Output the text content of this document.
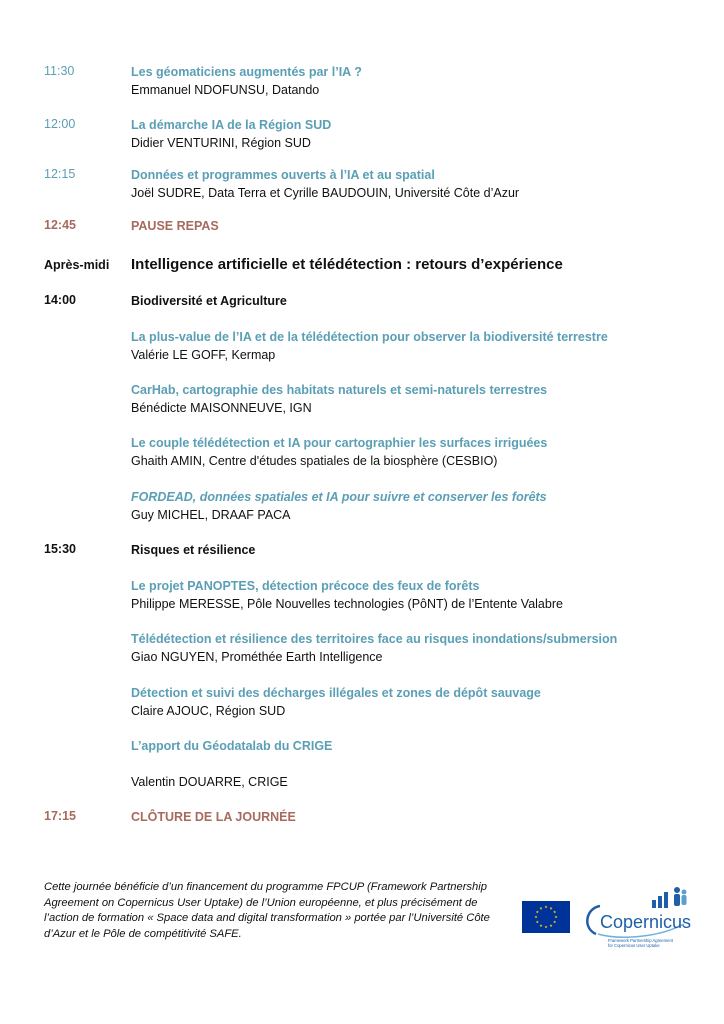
11:30	Les géomaticiens augmentés par l’IA ?
Emmanuel NDOFUNSU, Datando
12:00	La démarche IA de la Région SUD
Didier VENTURINI, Région SUD
12:15	Données et programmes ouverts à l’IA et au spatial
Joël SUDRE, Data Terra et Cyrille BAUDOUIN, Université Côte d’Azur
12:45	PAUSE REPAS
Après-midi Intelligence artificielle et télédétection : retours d’expérience
14:00	Biodiversité et Agriculture
La plus-value de l’IA et de la télédétection pour observer la biodiversité terrestre
Valérie LE GOFF, Kermap
CarHab, cartographie des habitats naturels et semi-naturels terrestres
Bénédicte MAISONNEUVE, IGN
Le couple télédétection et IA pour cartographier les surfaces irriguées
Ghaith AMIN, Centre d'études spatiales de la biosphère (CESBIO)
FORDEAD, données spatiales et IA pour suivre et conserver les forêts
Guy MICHEL, DRAAF PACA
15:30	Risques et résilience
Le projet PANOPTES, détection précoce des feux de forêts
Philippe MERESSE, Pôle Nouvelles technologies (PôNT) de l’Entente Valabre
Télédétection et résilience des territoires face au risques inondations/submersion
Giao NGUYEN, Prométhée Earth Intelligence
Détection et suivi des décharges illégales et zones de dépôt sauvage
Claire AJOUC, Région SUD
L’apport du Géodatalab du CRIGE
Valentin DOUARRE, CRIGE
17:15	CLÔTURE DE LA JOURNÉE
Cette journée bénéficie d’un financement du programme FPCUP (Framework Partnership Agreement on Copernicus User Uptake) de l’Union européenne, et plus précisément de l’action de formation « Space data and digital transformation » portée par l’Université Côte d’Azur et le Pôle de compétitivité SAFE.
Copernicus
Framework Partnership Agreement
for Copernicus User Uptake
